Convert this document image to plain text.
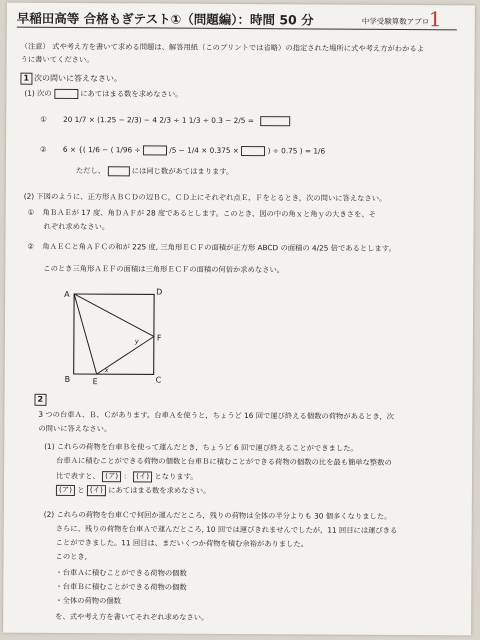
早稲田高等 合格もぎテスト①（問題編）：時間 50 分	中学受験算数アプロ 1
（注意） 式や考え方を書いて求める問題は、解答用紙（このプリントでは省略）の指定された場所に式や考え方がわかるよ
うに書いてください。
1 次の問いに答えなさい。
(1) 次の	にあてはまる数を求めなさい。
① 20 1/7 × (1.25 − 2/3) − 4 2/3 ÷ 1 1/3 ÷ 0.3 − 2/5 =
② 6 × {( 1/6 − ( 1/96 ÷	/5 − 1/4 × 0.375 ×	) ÷ 0.75 ) = 1/6
ただし、	には同じ数があてはまります。
(2) 下図のように、正方形ＡＢＣＤの辺ＢＣ，ＣＤ上にそれぞれ点Ｅ，Ｆをとるとき，次の問いに答えなさい。
① 角ＢＡＥが 17 度、角ＤＡＦが 28 度であるとします。このとき、図の中の角ｘと角ｙの大きさを、そ
れぞれ求めなさい。
② 角ＡＥＣと角ＡＦＣの和が 225 度, 三角形ＥＣＦの面積が正方形 ABCD の面積の 4/25 倍であるとします。
このとき三角形ＡＥＦの面積は三角形ＥＣＦの面積の何倍か求めなさい。
A	D
B	C
E
F
y
x
2
3 つの台車Ａ、Ｂ、Ｃがあります。台車Ａを使うと，ちょうど 16 回で運び終える個数の荷物があるとき，次
の問いに答えなさい。
(1) これらの荷物を台車Ｂを使って運んだとき，ちょうど 6 回で運び終えることができました。
台車Ａに積むことができる荷物の個数と台車Ｂに積むことができる荷物の個数の比を最も簡単な整数の
比で表すと、 (ア) ： (イ) となります。
(ア) と (イ) にあてはまる数を求めなさい。
(2) これらの荷物を台車Ｃで何回か運んだところ，残りの荷物は全体の半分よりも 30 個多くなりました。
さらに、残りの荷物を台車Ａで運んだところ, 10 回では運びきれませんでしたが，11 回目には運びきる
ことができました。11 回目は、まだいくつか荷物を積む余裕がありました。
このとき,
・台車Ａに積むことができる荷物の個数
・台車Ｂに積むことができる荷物の個数
・全体の荷物の個数
を、式や考え方を書いてそれぞれ求めなさい。
